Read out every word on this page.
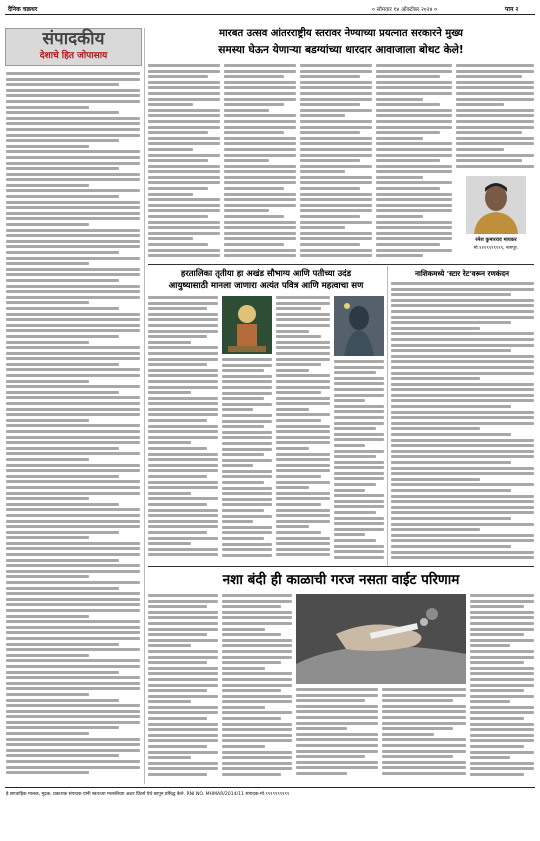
दैनिक चक्रधर	० सोमवार १४ ऑक्टोबर २०२४ ०	पान २
संपादकीय
देशाचे हित जोपासाय
मारबत उत्सव आंतरराष्ट्रीय स्तरावर नेण्याच्या प्रयत्नात सरकारने मुख्य
समस्या घेऊन येणाऱ्या बडग्यांच्या धारदार आवाजाला बोथट केले!
रमेश कुमारराव मायकर
मो.९१९९९९९९९९, नागपूर.
हरतालिका तृतीया हा अखंड सौभाग्य आणि पतीच्या उदंड
आयुष्यासाठी मानला जाणारा अत्यंत पवित्र आणि महत्वाचा सण
नाशिकमध्ये 'स्टार रेट'वरून रणकंदन
नशा बंदी ही काळाची गरज नसता वाईट परिणाम
हे साप्ताहिक मालक, मुद्रक, प्रकाशक संपादक यांनी स्वतःच्या मालकीच्या अक्षर प्रिंटर्स येथे छापून प्रसिद्ध केले. RNI NO. MHMAR/2014/11 संपादक-मो.९९९९९९९९९९
